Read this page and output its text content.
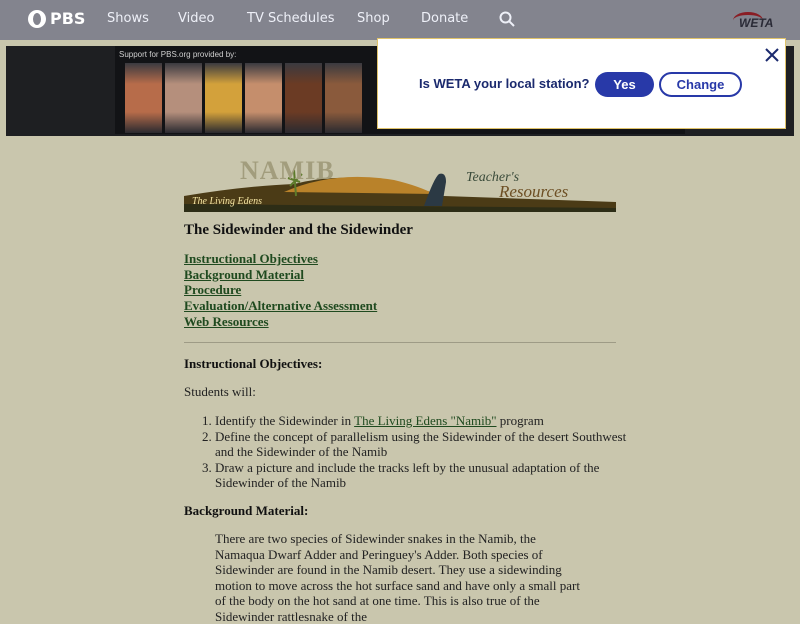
PBS Shows Video	TV Schedules Shop Donate	WETA
Support for PBS.org provided by:
Is WETA your local station?	Yes	Change
NAMIB
The Living Edens
Teacher's
Resources
The Sidewinder and the Sidewinder
Instructional Objectives
Background Material
Procedure
Evaluation/Alternative Assessment
Web Resources
Instructional Objectives:
Students will:
1. Identify the Sidewinder in The Living Edens "Namib" program
2. Define the concept of parallelism using the Sidewinder of the desert Southwest and the Sidewinder of the Namib
3. Draw a picture and include the tracks left by the unusual adaptation of the Sidewinder of the Namib
Background Material:
There are two species of Sidewinder snakes in the Namib, the Namaqua Dwarf Adder and Peringuey's Adder. Both species of Sidewinder are found in the Namib desert. They use a sidewinding motion to move across the hot surface sand and have only a small part of the body on the hot sand at one time. This is also true of the Sidewinder rattlesnake of the
